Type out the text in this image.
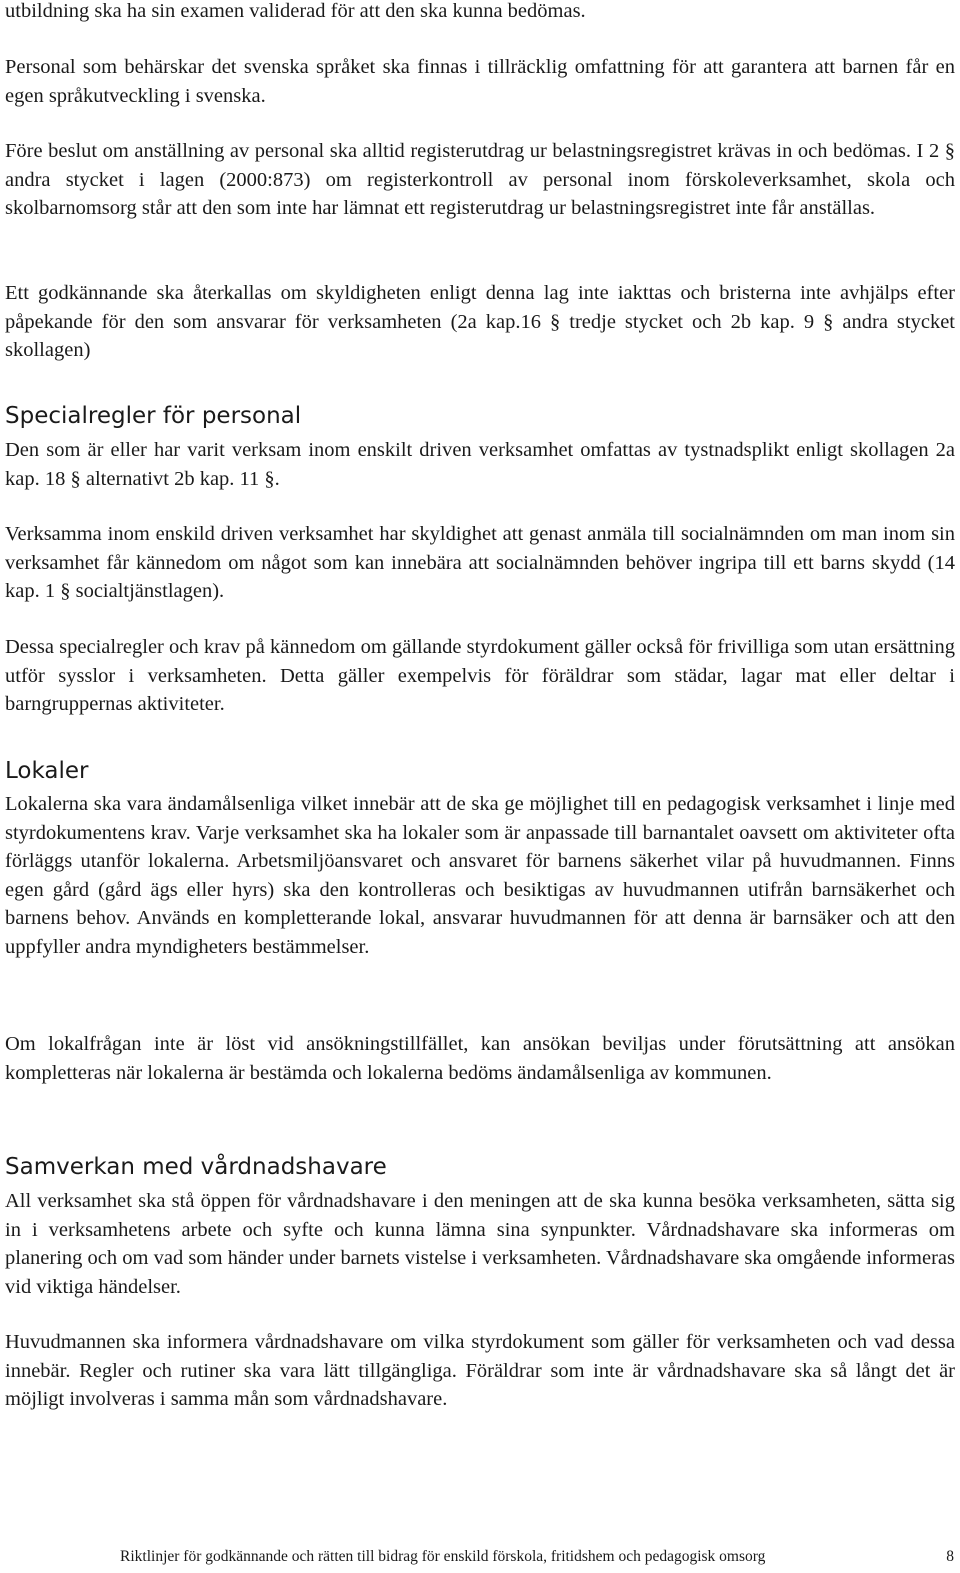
utbildning ska ha sin examen validerad för att den ska kunna bedömas.

Personal som behärskar det svenska språket ska finnas i tillräcklig omfattning för att garantera att barnen får en egen språkutveckling i svenska.

Före beslut om anställning av personal ska alltid registerutdrag ur belastningsregistret krävas in och bedömas. I 2 § andra stycket i lagen (2000:873) om registerkontroll av personal inom förskoleverksamhet, skola och skolbarnomsorg står att den som inte har lämnat ett registerutdrag ur belastningsregistret inte får anställas.

Ett godkännande ska återkallas om skyldigheten enligt denna lag inte iakttas och bristerna inte avhjälps efter påpekande för den som ansvarar för verksamheten (2a kap.16 § tredje stycket och 2b kap. 9 § andra stycket skollagen)

Specialregler för personal

Den som är eller har varit verksam inom enskilt driven verksamhet omfattas av tystnadsplikt enligt skollagen 2a kap. 18 § alternativt 2b kap. 11 §.

Verksamma inom enskild driven verksamhet har skyldighet att genast anmäla till socialnämnden om man inom sin verksamhet får kännedom om något som kan innebära att socialnämnden behöver ingripa till ett barns skydd (14 kap. 1 § socialtjänstlagen).

Dessa specialregler och krav på kännedom om gällande styrdokument gäller också för frivilliga som utan ersättning utför sysslor i verksamheten. Detta gäller exempelvis för föräldrar som städar, lagar mat eller deltar i barngruppernas aktiviteter.

Lokaler

Lokalerna ska vara ändamålsenliga vilket innebär att de ska ge möjlighet till en pedagogisk verksamhet i linje med styrdokumentens krav. Varje verksamhet ska ha lokaler som är anpassade till barnantalet oavsett om aktiviteter ofta förläggs utanför lokalerna. Arbetsmiljöansvaret och ansvaret för barnens säkerhet vilar på huvudmannen. Finns egen gård (gård ägs eller hyrs) ska den kontrolleras och besiktigas av huvudmannen utifrån barnsäkerhet och barnens behov. Används en kompletterande lokal, ansvarar huvudmannen för att denna är barnsäker och att den uppfyller andra myndigheters bestämmelser.

Om lokalfrågan inte är löst vid ansökningstillfället, kan ansökan beviljas under förutsättning att ansökan kompletteras när lokalerna är bestämda och lokalerna bedöms ändamålsenliga av kommunen.

Samverkan med vårdnadshavare

All verksamhet ska stå öppen för vårdnadshavare i den meningen att de ska kunna besöka verksamheten, sätta sig in i verksamhetens arbete och syfte och kunna lämna sina synpunkter. Vårdnadshavare ska informeras om planering och om vad som händer under barnets vistelse i verksamheten. Vårdnadshavare ska omgående informeras vid viktiga händelser.

Huvudmannen ska informera vårdnadshavare om vilka styrdokument som gäller för verksamheten och vad dessa innebär. Regler och rutiner ska vara lätt tillgängliga. Föräldrar som inte är vårdnadshavare ska så långt det är möjligt involveras i samma mån som vårdnadshavare.

Riktlinjer för godkännande och rätten till bidrag för enskild förskola, fritidshem och pedagogisk omsorg	8
